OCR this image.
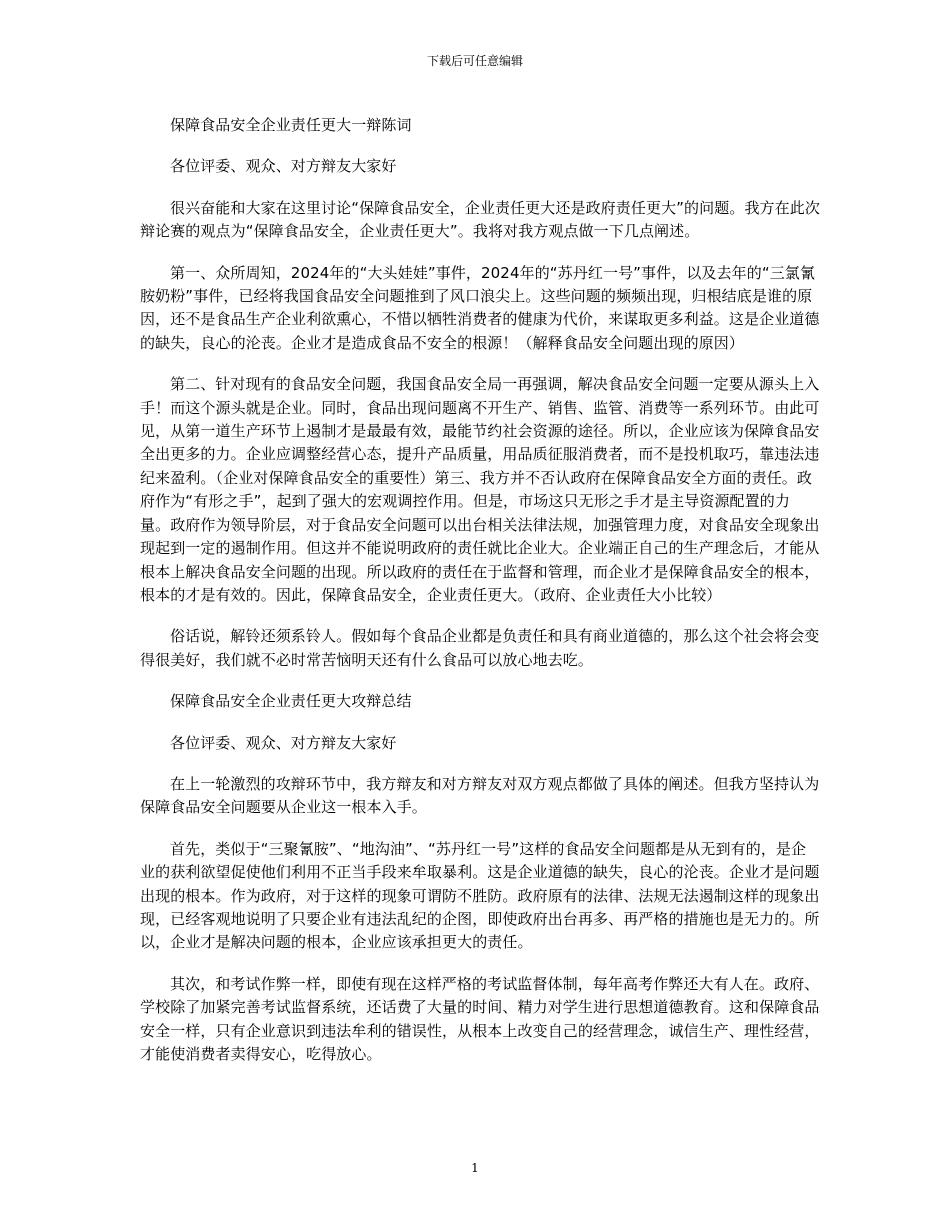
下载后可任意编辑

保障食品安全企业责任更大一辩陈词

各位评委、观众、对方辩友大家好

很兴奋能和大家在这里讨论“保障食品安全，企业责任更大还是政府责任更大”的问题。我方在此次辩论赛的观点为“保障食品安全，企业责任更大”。我将对我方观点做一下几点阐述。

第一、众所周知，2024年的“大头娃娃”事件，2024年的“苏丹红一号”事件，以及去年的“三氯氰胺奶粉”事件，已经将我国食品安全问题推到了风口浪尖上。这些问题的频频出现，归根结底是谁的原因，还不是食品生产企业利欲熏心，不惜以牺牲消费者的健康为代价，来谋取更多利益。这是企业道德的缺失，良心的沦丧。企业才是造成食品不安全的根源！（解释食品安全问题出现的原因）

第二、针对现有的食品安全问题，我国食品安全局一再强调，解决食品安全问题一定要从源头上入手！而这个源头就是企业。同时，食品出现问题离不开生产、销售、监管、消费等一系列环节。由此可见，从第一道生产环节上遏制才是最最有效，最能节约社会资源的途径。所以，企业应该为保障食品安全出更多的力。企业应调整经营心态，提升产品质量，用品质征服消费者，而不是投机取巧，靠违法违纪来盈利。（企业对保障食品安全的重要性）第三、我方并不否认政府在保障食品安全方面的责任。政府作为“有形之手”，起到了强大的宏观调控作用。但是，市场这只无形之手才是主导资源配置的力量。政府作为领导阶层，对于食品安全问题可以出台相关法律法规，加强管理力度，对食品安全现象出现起到一定的遏制作用。但这并不能说明政府的责任就比企业大。企业端正自己的生产理念后，才能从根本上解决食品安全问题的出现。所以政府的责任在于监督和管理，而企业才是保障食品安全的根本，根本的才是有效的。因此，保障食品安全，企业责任更大。（政府、企业责任大小比较）

俗话说，解铃还须系铃人。假如每个食品企业都是负责任和具有商业道德的，那么这个社会将会变得很美好，我们就不必时常苦恼明天还有什么食品可以放心地去吃。

保障食品安全企业责任更大攻辩总结

各位评委、观众、对方辩友大家好

在上一轮激烈的攻辩环节中，我方辩友和对方辩友对双方观点都做了具体的阐述。但我方坚持认为保障食品安全问题要从企业这一根本入手。

首先，类似于“三聚氰胺”、“地沟油”、“苏丹红一号”这样的食品安全问题都是从无到有的，是企业的获利欲望促使他们利用不正当手段来牟取暴利。这是企业道德的缺失，良心的沦丧。企业才是问题出现的根本。作为政府，对于这样的现象可谓防不胜防。政府原有的法律、法规无法遏制这样的现象出现，已经客观地说明了只要企业有违法乱纪的企图，即使政府出台再多、再严格的措施也是无力的。所以，企业才是解决问题的根本，企业应该承担更大的责任。

其次，和考试作弊一样，即使有现在这样严格的考试监督体制，每年高考作弊还大有人在。政府、学校除了加紧完善考试监督系统，还话费了大量的时间、精力对学生进行思想道德教育。这和保障食品安全一样，只有企业意识到违法牟利的错误性，从根本上改变自己的经营理念，诚信生产、理性经营，才能使消费者卖得安心，吃得放心。

1
